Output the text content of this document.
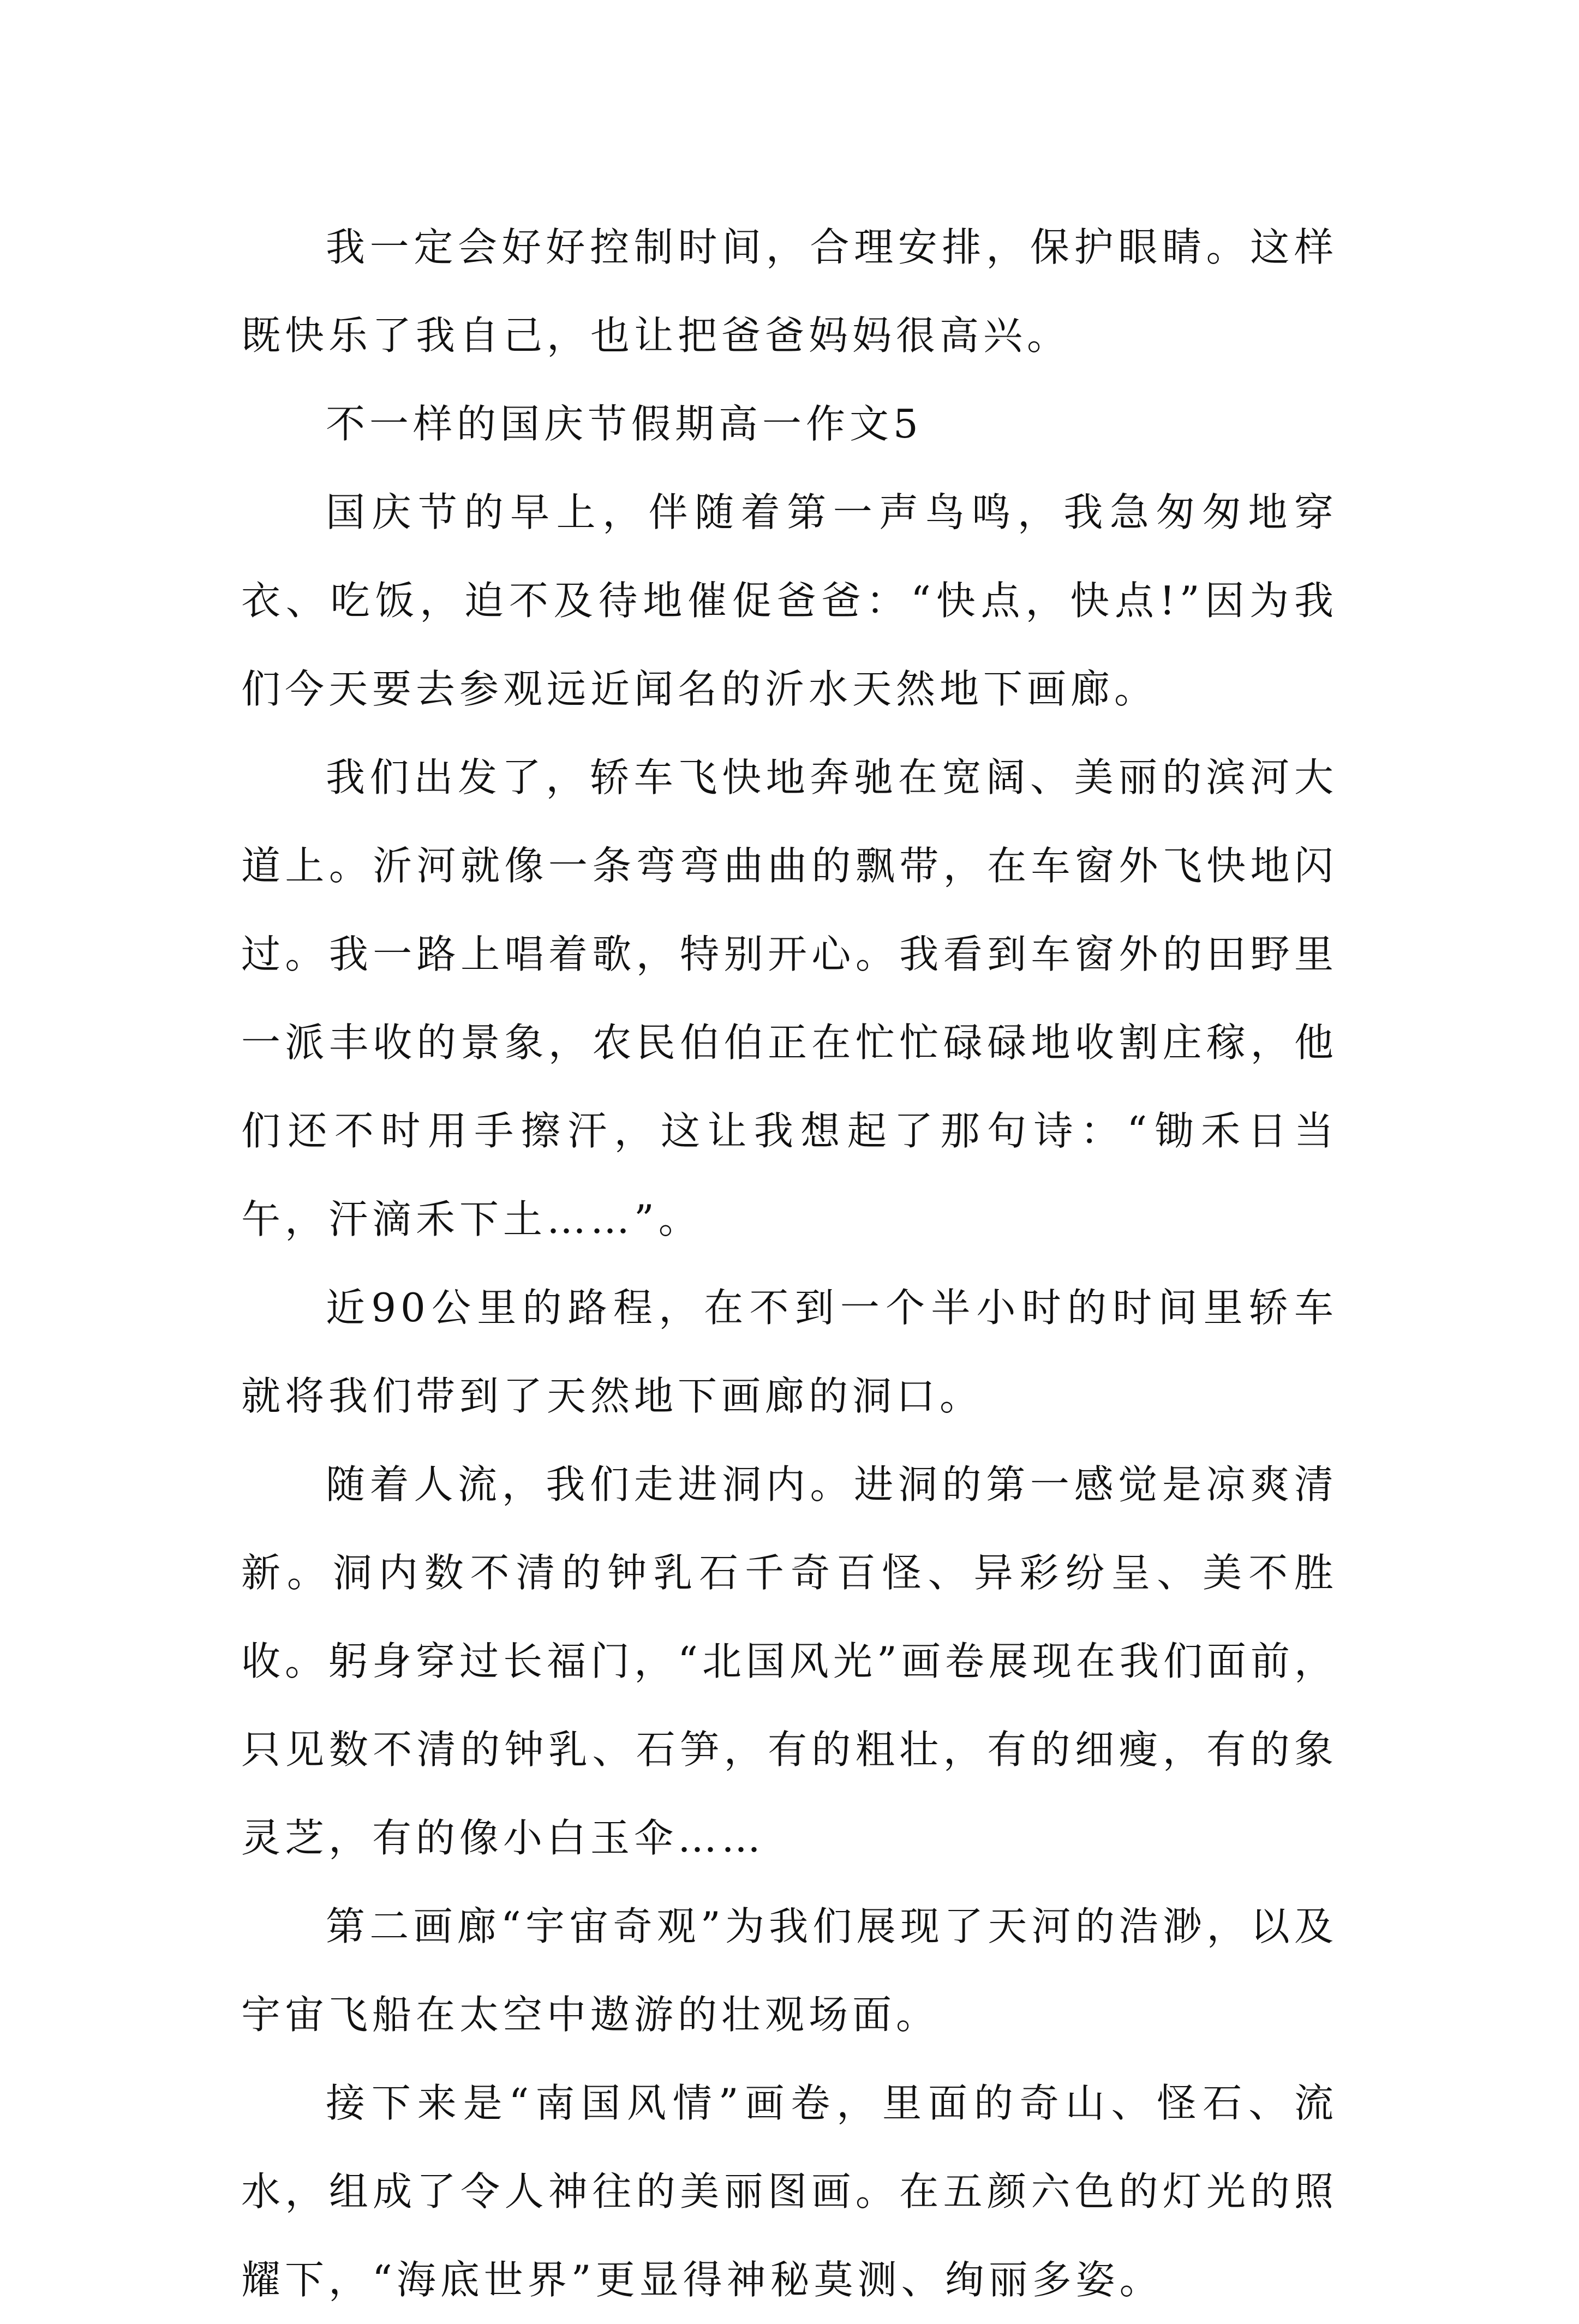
我一定会好好控制时间，合理安排，保护眼睛。这样既快乐了我自己，也让把爸爸妈妈很高兴。

不一样的国庆节假期高一作文5

国庆节的早上，伴随着第一声鸟鸣，我急匆匆地穿衣、吃饭，迫不及待地催促爸爸：“快点，快点!”因为我们今天要去参观远近闻名的沂水天然地下画廊。

我们出发了，轿车飞快地奔驰在宽阔、美丽的滨河大道上。沂河就像一条弯弯曲曲的飘带，在车窗外飞快地闪过。我一路上唱着歌，特别开心。我看到车窗外的田野里一派丰收的景象，农民伯伯正在忙忙碌碌地收割庄稼，他们还不时用手擦汗，这让我想起了那句诗：“锄禾日当午，汗滴禾下土……”。

近90公里的路程，在不到一个半小时的时间里轿车就将我们带到了天然地下画廊的洞口。

随着人流，我们走进洞内。进洞的第一感觉是凉爽清新。洞内数不清的钟乳石千奇百怪、异彩纷呈、美不胜收。躬身穿过长福门，“北国风光”画卷展现在我们面前，只见数不清的钟乳、石笋，有的粗壮，有的细瘦，有的象灵芝，有的像小白玉伞……

第二画廊“宇宙奇观”为我们展现了天河的浩渺，以及宇宙飞船在太空中遨游的壮观场面。

接下来是“南国风情”画卷，里面的奇山、怪石、流水，组成了令人神往的美丽图画。在五颜六色的灯光的照耀下，“海底世界”更显得神秘莫测、绚丽多姿。
